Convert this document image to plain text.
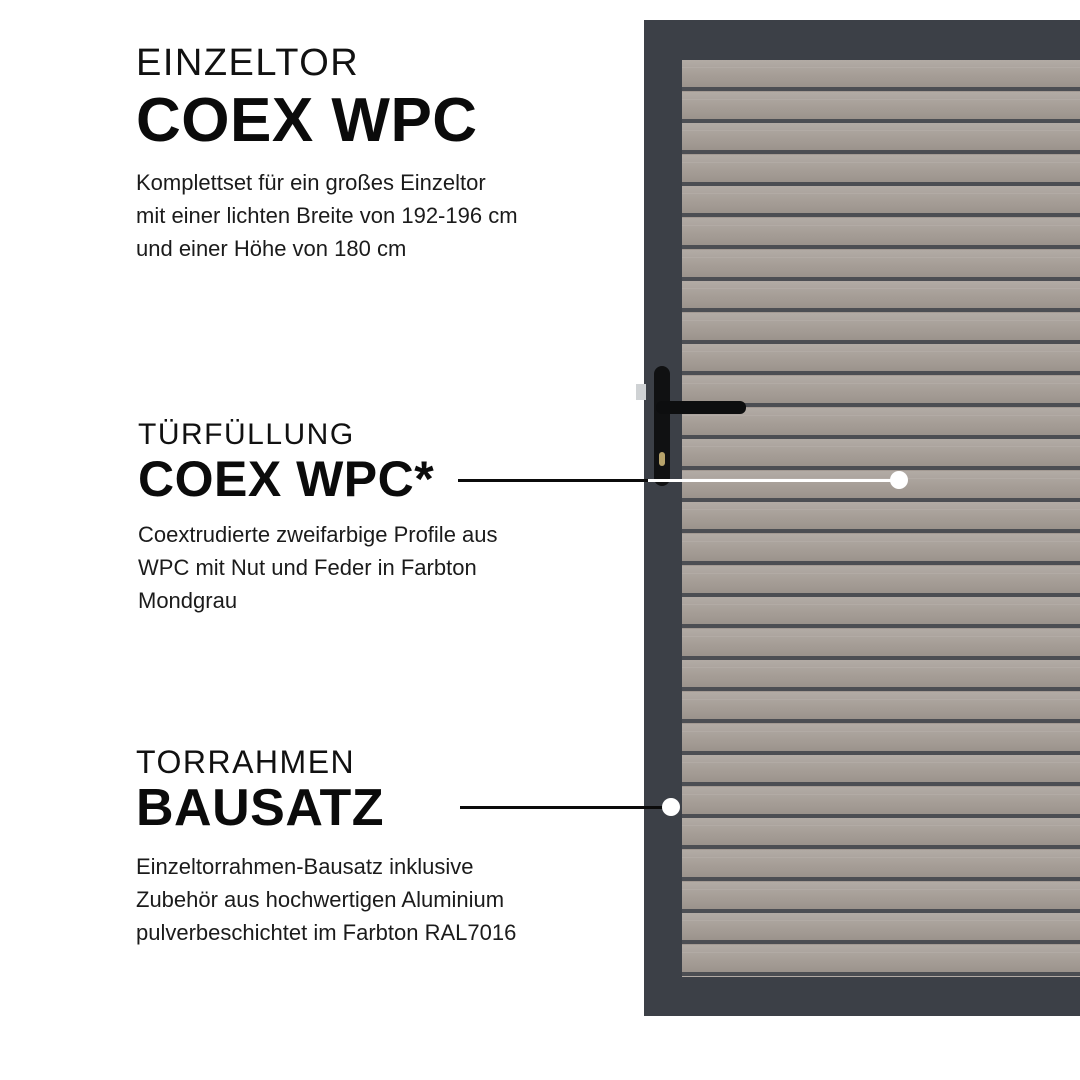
EINZELTOR
COEX WPC
Komplettset für ein großes Einzeltor
mit einer lichten Breite von 192-196 cm
und einer Höhe von 180 cm
TÜRFÜLLUNG
COEX WPC*
Coextrudierte zweifarbige Profile aus
WPC mit Nut und Feder in Farbton
Mondgrau
TORRAHMEN
BAUSATZ
Einzeltorrahmen-Bausatz inklusive
Zubehör aus hochwertigen Aluminium
pulverbeschichtet im Farbton RAL7016
